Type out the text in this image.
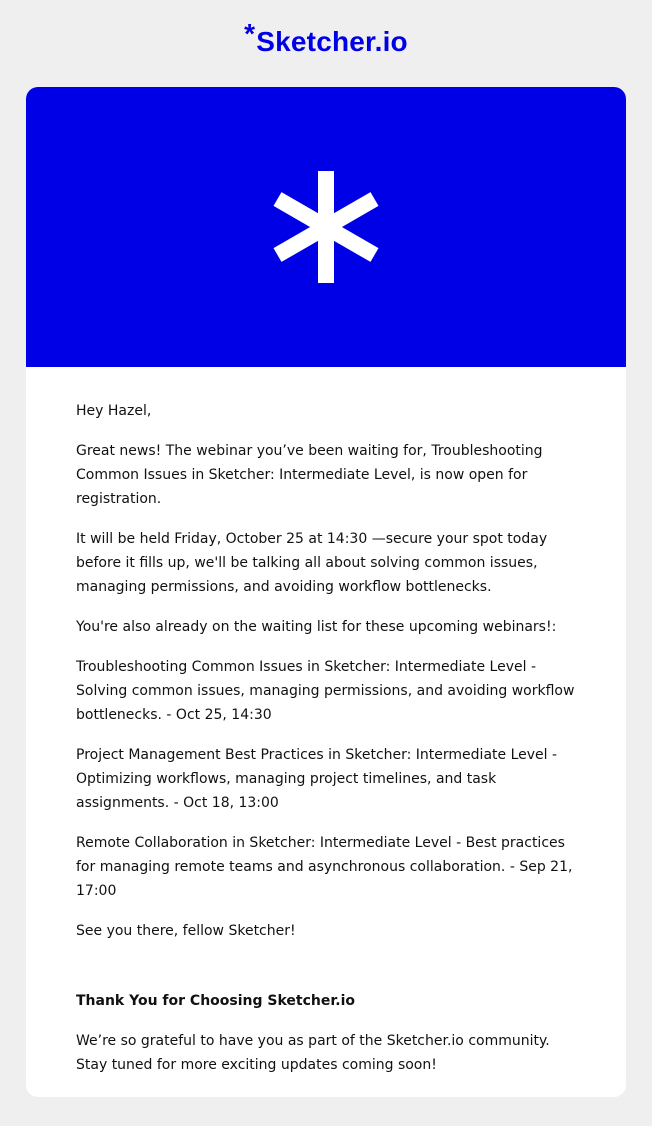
*Sketcher.io

Hey Hazel,

Great news! The webinar you’ve been waiting for, Troubleshooting Common Issues in Sketcher: Intermediate Level, is now open for registration.

It will be held Friday, October 25 at 14:30 —secure your spot today before it fills up, we'll be talking all about solving common issues, managing permissions, and avoiding workflow bottlenecks.

You're also already on the waiting list for these upcoming webinars!:

Troubleshooting Common Issues in Sketcher: Intermediate Level - Solving common issues, managing permissions, and avoiding workflow bottlenecks. - Oct 25, 14:30

Project Management Best Practices in Sketcher: Intermediate Level - Optimizing workflows, managing project timelines, and task assignments. - Oct 18, 13:00

Remote Collaboration in Sketcher: Intermediate Level - Best practices for managing remote teams and asynchronous collaboration. - Sep 21, 17:00

See you there, fellow Sketcher!

Thank You for Choosing Sketcher.io

We’re so grateful to have you as part of the Sketcher.io community. Stay tuned for more exciting updates coming soon!
